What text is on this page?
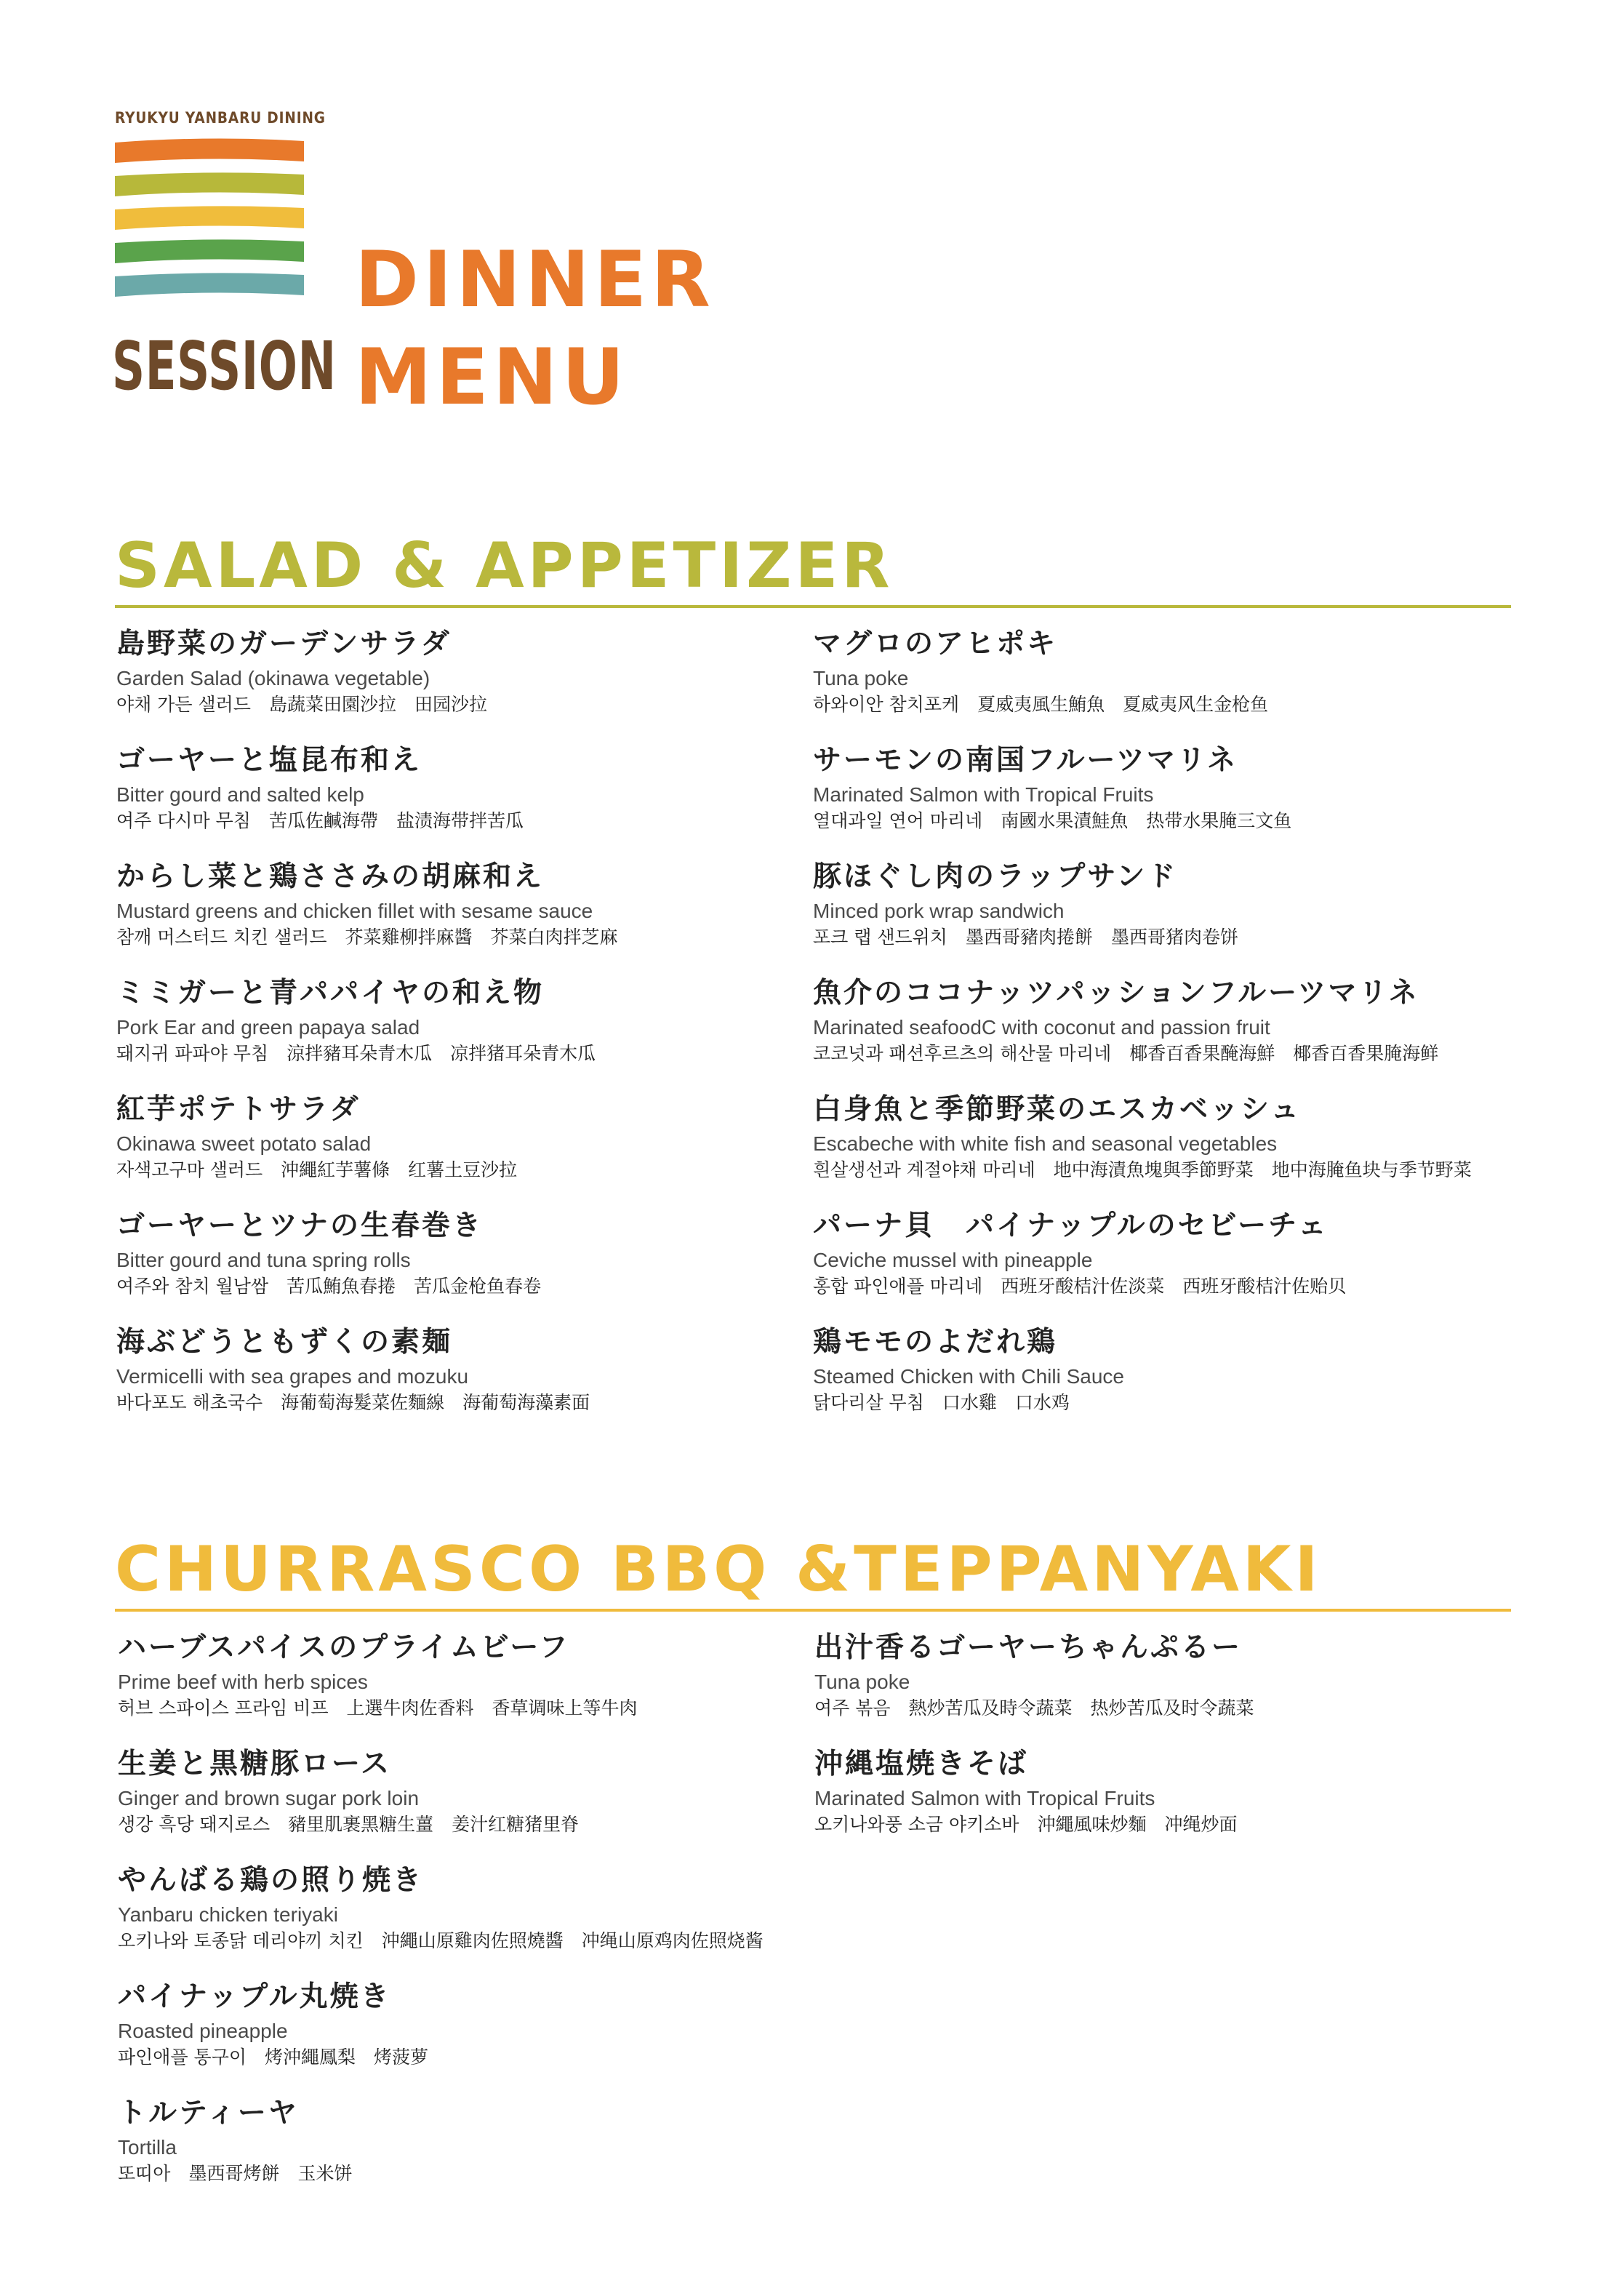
RYUKYU YANBARU DINING
SESSION
DINNER
MENU
SALAD & APPETIZER
島野菜のガーデンサラダ
Garden Salad (okinawa vegetable)
야채 가든 샐러드　島蔬菜田園沙拉　田园沙拉
ゴーヤーと塩昆布和え
Bitter gourd and salted kelp
여주 다시마 무침　苦瓜佐鹹海帶　盐渍海带拌苦瓜
からし菜と鶏ささみの胡麻和え
Mustard greens and chicken fillet with sesame sauce
참깨 머스터드 치킨 샐러드　芥菜雞柳拌麻醬　芥菜白肉拌芝麻
ミミガーと青パパイヤの和え物
Pork Ear and green papaya salad
돼지귀 파파야 무침　涼拌豬耳朵青木瓜　凉拌猪耳朵青木瓜
紅芋ポテトサラダ
Okinawa sweet potato salad
자색고구마 샐러드　沖繩紅芋薯條　红薯土豆沙拉
ゴーヤーとツナの生春巻き
Bitter gourd and tuna spring rolls
여주와 참치 월남쌈　苦瓜鮪魚春捲　苦瓜金枪鱼春卷
海ぶどうともずくの素麺
Vermicelli with sea grapes and mozuku
바다포도 해초국수　海葡萄海髮菜佐麵線　海葡萄海藻素面
マグロのアヒポキ
Tuna poke
하와이안 참치포케　夏威夷風生鮪魚　夏威夷风生金枪鱼
サーモンの南国フルーツマリネ
Marinated Salmon with Tropical Fruits
열대과일 연어 마리네　南國水果漬鮭魚　热带水果腌三文鱼
豚ほぐし肉のラップサンド
Minced pork wrap sandwich
포크 랩 샌드위치　墨西哥豬肉捲餅　墨西哥猪肉卷饼
魚介のココナッツパッションフルーツマリネ
Marinated seafoodC with coconut and passion fruit
코코넛과 패션후르츠의 해산물 마리네　椰香百香果醃海鮮　椰香百香果腌海鲜
白身魚と季節野菜のエスカベッシュ
Escabeche with white fish and seasonal vegetables
흰살생선과 계절야채 마리네　地中海漬魚塊與季節野菜　地中海腌鱼块与季节野菜
パーナ貝　パイナップルのセビーチェ
Ceviche mussel with pineapple
홍합 파인애플 마리네　西班牙酸桔汁佐淡菜　西班牙酸桔汁佐贻贝
鶏モモのよだれ鶏
Steamed Chicken with Chili Sauce
닭다리살 무침　口水雞　口水鸡
CHURRASCO BBQ &TEPPANYAKI
ハーブスパイスのプライムビーフ
Prime beef with herb spices
허브 스파이스 프라임 비프　上選牛肉佐香料　香草调味上等牛肉
生姜と黒糖豚ロース
Ginger and brown sugar pork loin
생강 흑당 돼지로스　豬里肌裹黑糖生薑　姜汁红糖猪里脊
やんばる鶏の照り焼き
Yanbaru chicken teriyaki
오키나와 토종닭 데리야끼 치킨　沖繩山原雞肉佐照燒醬　冲绳山原鸡肉佐照烧酱
パイナップル丸焼き
Roasted pineapple
파인애플 통구이　烤沖繩鳳梨　烤菠萝
トルティーヤ
Tortilla
또띠아　墨西哥烤餅　玉米饼
出汁香るゴーヤーちゃんぷるー
Tuna poke
여주 볶음　熱炒苦瓜及時令蔬菜　热炒苦瓜及时令蔬菜
沖縄塩焼きそば
Marinated Salmon with Tropical Fruits
오키나와풍 소금 야키소바　沖繩風味炒麵　冲绳炒面
